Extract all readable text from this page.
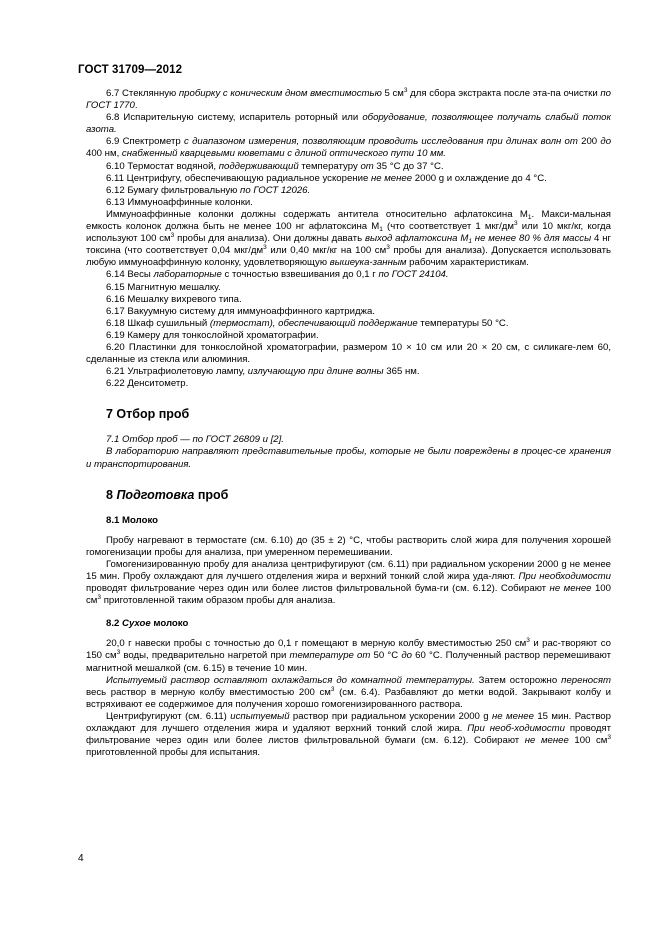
ГОСТ 31709—2012

6.7 Стеклянную пробирку с коническим дном вместимостью 5 $см^3$ для сбора экстракта после эта-па очистки по ГОСТ 1770.

6.8 Испарительную систему, испаритель роторный или оборудование, позволяющее получать слабый поток азота.

6.9 Спектрометр с диапазоном измерения, позволяющим проводить исследования при длинах волн от 200 до 400 нм, снабженный кварцевыми кюветами с длиной оптического пути 10 мм.

6.10 Термостат водяной, поддерживающий температуру от 35 °С до 37 °С.

6.11 Центрифугу, обеспечивающую радиальное ускорение не менее 2000 g и охлаждение до 4 °С.

6.12 Бумагу фильтровальную по ГОСТ 12026.

6.13 Иммуноаффинные колонки.

Иммуноаффинные колонки должны содержать антитела относительно афлатоксина $М_1$. Макси-мальная емкость колонок должна быть не менее 100 нг афлатоксина $М_1$ (что соответствует 1 мкг/$дм^3$ или 10 мкг/кг, когда используют 100 $см^3$ пробы для анализа). Они должны давать выход афлатоксина $М_1$ не менее 80 % для массы 4 нг токсина (что соответствует 0,04 мкг/$дм^3$ или 0,40 мкг/кг на 100 $см^3$ пробы для анализа). Допускается использовать любую иммуноаффинную колонку, удовлетворяющую вышеука-занным рабочим характеристикам.

6.14 Весы лабораторные с точностью взвешивания до 0,1 г по ГОСТ 24104.

6.15 Магнитную мешалку.

6.16 Мешалку вихревого типа.

6.17 Вакуумную систему для иммуноаффинного картриджа.

6.18 Шкаф сушильный (термостат), обеспечивающий поддержание температуры 50 °С.

6.19 Камеру для тонкослойной хроматографии.

6.20 Пластинки для тонкослойной хроматографии, размером 10 × 10 см или 20 × 20 см, с силикаге-лем 60, сделанные из стекла или алюминия.

6.21 Ультрафиолетовую лампу, излучающую при длине волны 365 нм.

6.22 Денситометр.

7 Отбор проб

7.1 Отбор проб — по ГОСТ 26809 и [2].

В лабораторию направляют представительные пробы, которые не были повреждены в процес-се хранения и транспортирования.

8 Подготовка проб
8.1 Молоко

Пробу нагревают в термостате (см. 6.10) до (35 ± 2) °С, чтобы растворить слой жира для получения хорошей гомогенизации пробы для анализа, при умеренном перемешивании.

Гомогенизированную пробу для анализа центрифугируют (см. 6.11) при радиальном ускорении 2000 g не менее 15 мин. Пробу охлаждают для лучшего отделения жира и верхний тонкий слой жира уда-ляют. При необходимости проводят фильтрование через один или более листов фильтровальной бума-ги (см. 6.12). Собирают не менее 100 $см^3$ приготовленной таким образом пробы для анализа.

8.2 Сухое молоко

20,0 г навески пробы с точностью до 0,1 г помещают в мерную колбу вместимостью 250 $см^3$ и рас-творяют со 150 $см^3$ воды, предварительно нагретой при температуре от 50 °С до 60 °С. Полученный раствор перемешивают магнитной мешалкой (см. 6.15) в течение 10 мин.

Испытуемый раствор оставляют охлаждаться до комнатной температуры. Затем осторожно переносят весь раствор в мерную колбу вместимостью 200 $см^3$ (см. 6.4). Разбавляют до метки водой. Закрывают колбу и встряхивают ее содержимое для получения хорошо гомогенизированного раствора.

Центрифугируют (см. 6.11) испытуемый раствор при радиальном ускорении 2000 g не менее 15 мин. Раствор охлаждают для лучшего отделения жира и удаляют верхний тонкий слой жира. При необ-ходимости проводят фильтрование через один или более листов фильтровальной бумаги (см. 6.12). Собирают не менее 100 $см^3$ приготовленной пробы для испытания.

4
